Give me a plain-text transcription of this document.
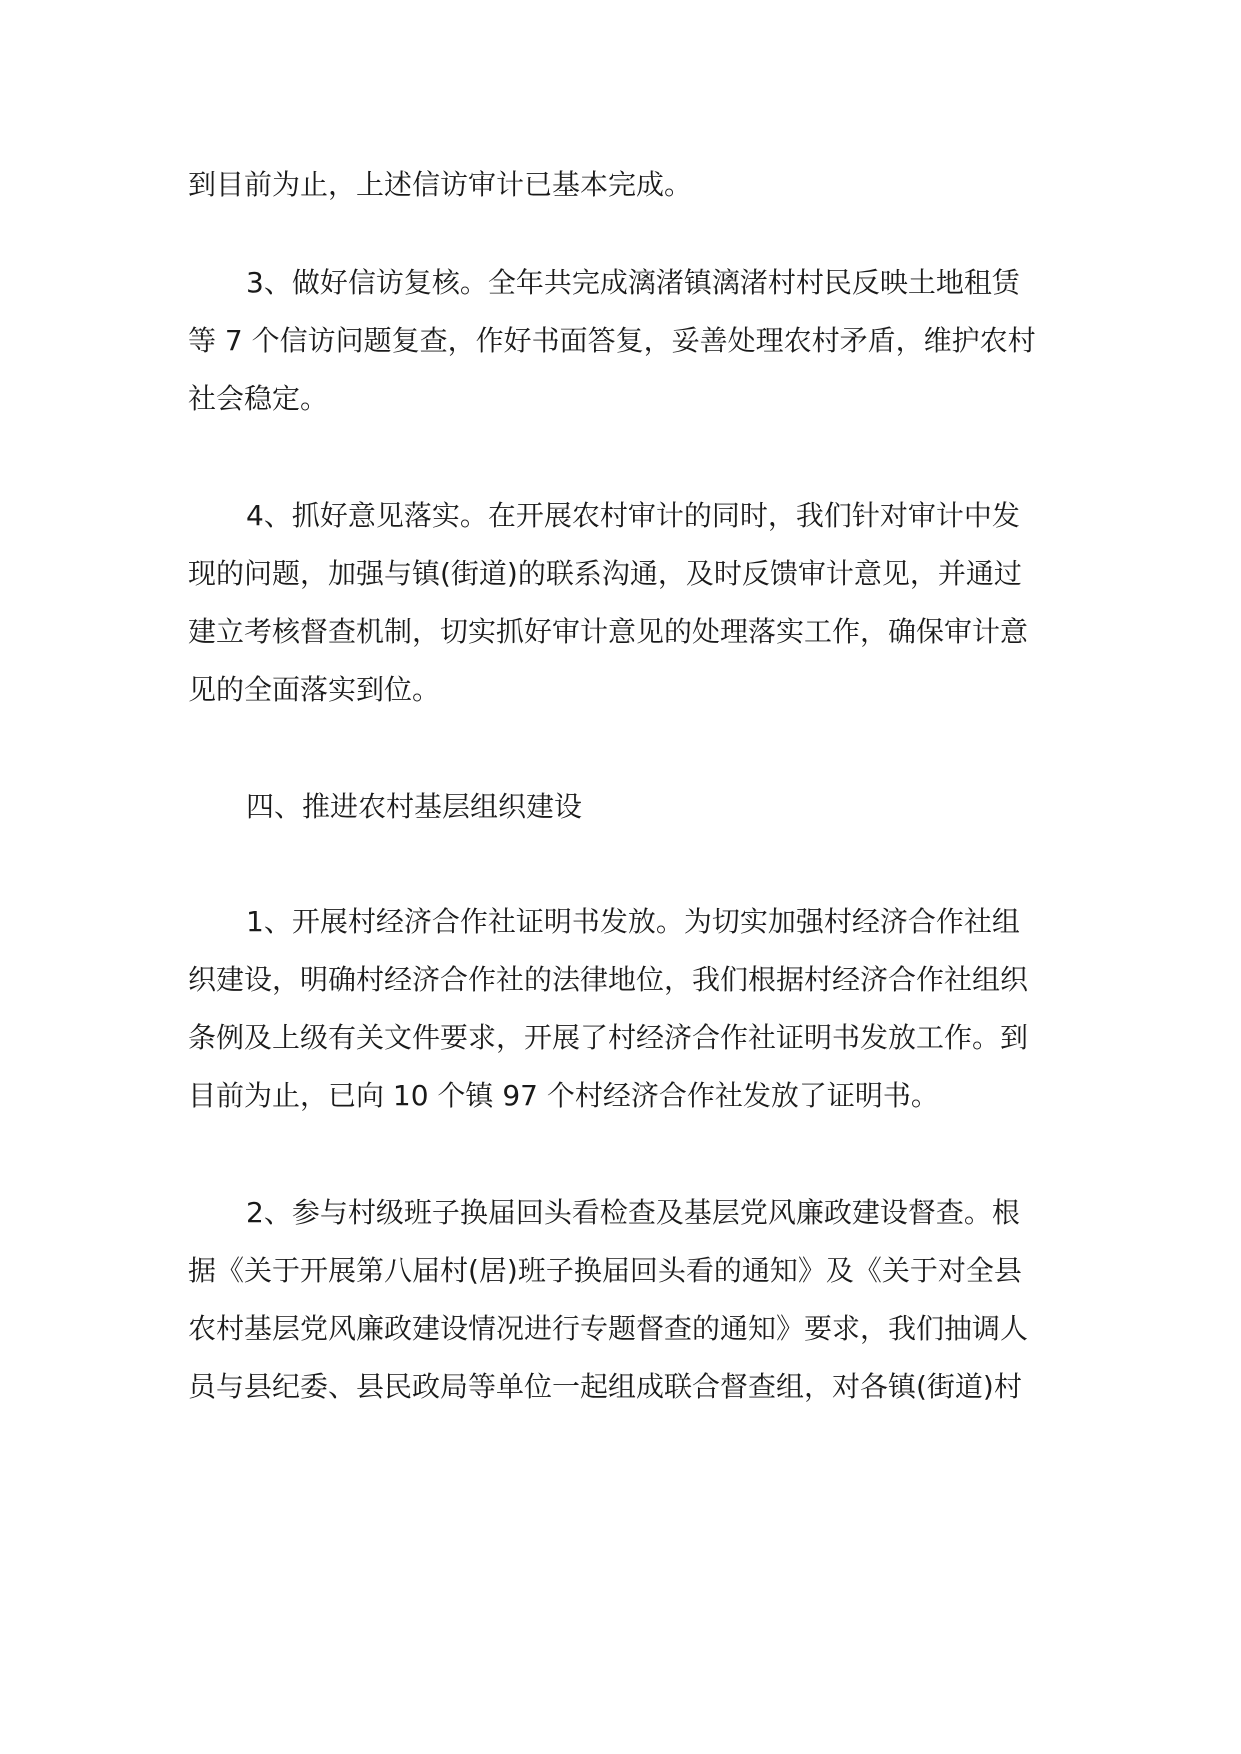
到目前为止，上述信访审计已基本完成。

3、做好信访复核。全年共完成漓渚镇漓渚村村民反映土地租赁

等 7 个信访问题复查，作好书面答复，妥善处理农村矛盾，维护农村

社会稳定。

4、抓好意见落实。在开展农村审计的同时，我们针对审计中发

现的问题，加强与镇(街道)的联系沟通，及时反馈审计意见，并通过

建立考核督查机制，切实抓好审计意见的处理落实工作，确保审计意

见的全面落实到位。

四、推进农村基层组织建设

1、开展村经济合作社证明书发放。为切实加强村经济合作社组

织建设，明确村经济合作社的法律地位，我们根据村经济合作社组织

条例及上级有关文件要求，开展了村经济合作社证明书发放工作。到

目前为止，已向 10 个镇 97 个村经济合作社发放了证明书。

2、参与村级班子换届回头看检查及基层党风廉政建设督查。根

据《关于开展第八届村(居)班子换届回头看的通知》及《关于对全县

农村基层党风廉政建设情况进行专题督查的通知》要求，我们抽调人

员与县纪委、县民政局等单位一起组成联合督查组，对各镇(街道)村
